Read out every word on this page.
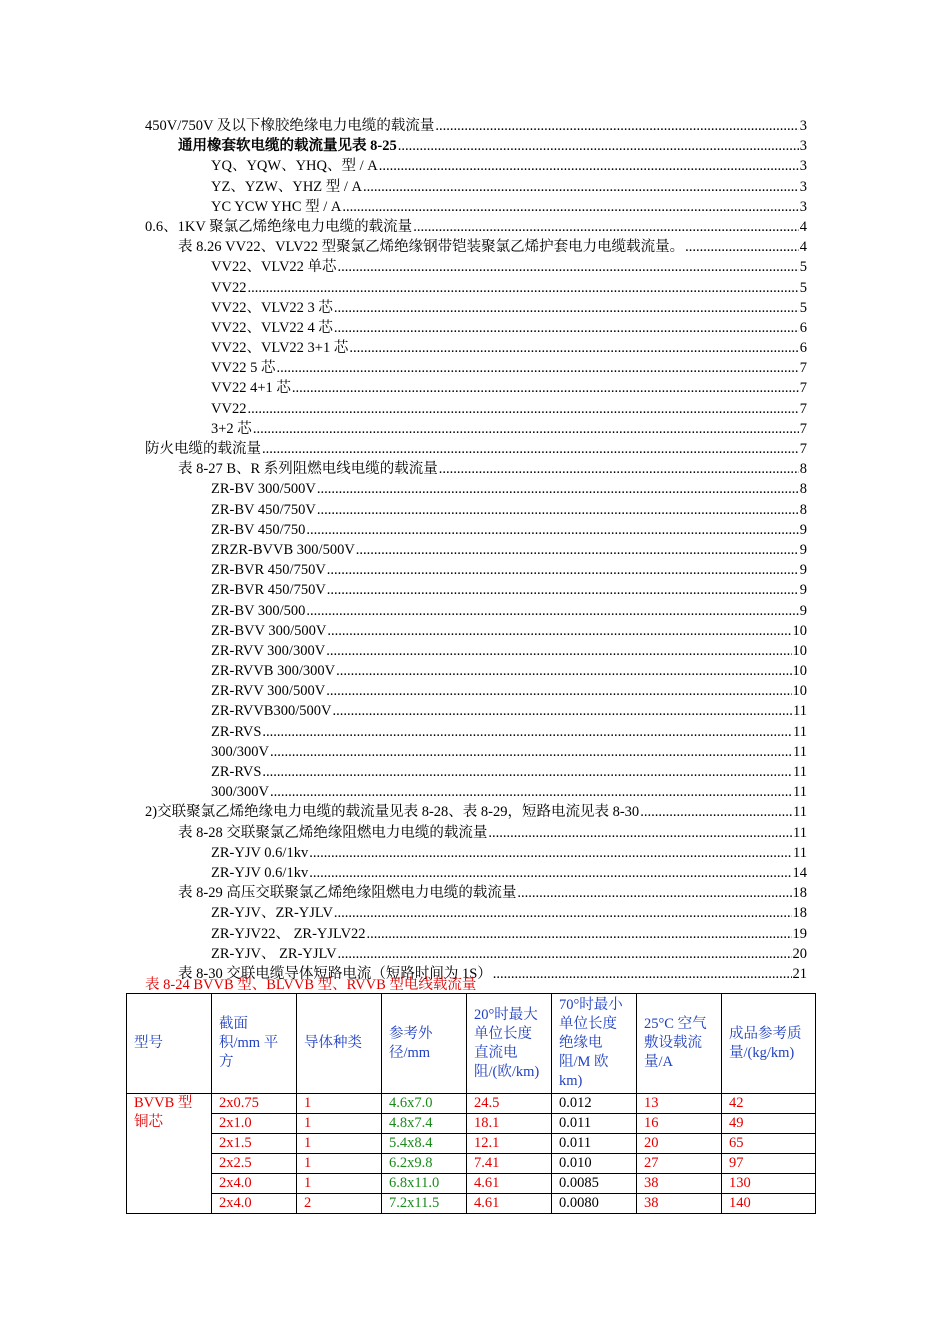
450V/750V 及以下橡胶绝缘电力电缆的载流量 .....	3
通用橡套软电缆的载流量见表 8-25 .....	3
YQ、YQW、YHQ、型 / A .....	3
YZ、YZW、YHZ 型 / A .....	3
YC YCW YHC 型 / A .....	3
0.6、1KV 聚氯乙烯绝缘电力电缆的载流量 .....	4
表 8.26 VV22、VLV22 型聚氯乙烯绝缘钢带铠装聚氯乙烯护套电力电缆载流量。 .....	4
VV22、VLV22 单芯 .....	5
VV22 .....	5
VV22、VLV22 3 芯 .....	5
VV22、VLV22 4 芯 .....	6
VV22、VLV22 3+1 芯 .....	6
VV22 5 芯 .....	7
VV22 4+1 芯 .....	7
VV22 .....	7
3+2 芯 .....	7
防火电缆的载流量 .....	7
表 8-27 B、R 系列阻燃电线电缆的载流量 .....	8
ZR-BV 300/500V .....	8
ZR-BV 450/750V .....	8
ZR-BV 450/750 .....	9
ZRZR-BVVB 300/500V .....	9
ZR-BVR 450/750V .....	9
ZR-BVR 450/750V .....	9
ZR-BV 300/500 .....	9
ZR-BVV 300/500V .....	10
ZR-RVV 300/300V .....	10
ZR-RVVB 300/300V .....	10
ZR-RVV 300/500V .....	10
ZR-RVVB300/500V .....	11
ZR-RVS .....	11
300/300V .....	11
ZR-RVS .....	11
300/300V .....	11
2)交联聚氯乙烯绝缘电力电缆的载流量见表 8-28、表 8-29，短路电流见表 8-30 .....	11
表 8-28 交联聚氯乙烯绝缘阻燃电力电缆的载流量 .....	11
ZR-YJV 0.6/1kv .....	11
ZR-YJV 0.6/1kv .....	14
表 8-29 高压交联聚氯乙烯绝缘阻燃电力电缆的载流量 .....	18
ZR-YJV、ZR-YJLV .....	18
ZR-YJV22、 ZR-YJLV22 .....	19
ZR-YJV、 ZR-YJLV .....	20
表 8-30 交联电缆导体短路电流（短路时间为 1S） .....	21
表 8-24 BVVB 型、BLVVB 型、RVVB 型电线载流量
型号	截面积/mm 平方	导体种类	参考外径/mm	20°时最大单位长度直流电阻/(欧/km)	70°时最小单位长度绝缘电阻/M 欧 km)	25°C 空气敷设载流量/A	成品参考质量/(kg/km)
BVVB 型铜芯	2x0.75	1	4.6x7.0	24.5	0.012	13	42
	2x1.0	1	4.8x7.4	18.1	0.011	16	49
	2x1.5	1	5.4x8.4	12.1	0.011	20	65
	2x2.5	1	6.2x9.8	7.41	0.010	27	97
	2x4.0	1	6.8x11.0	4.61	0.0085	38	130
	2x4.0	2	7.2x11.5	4.61	0.0080	38	140
